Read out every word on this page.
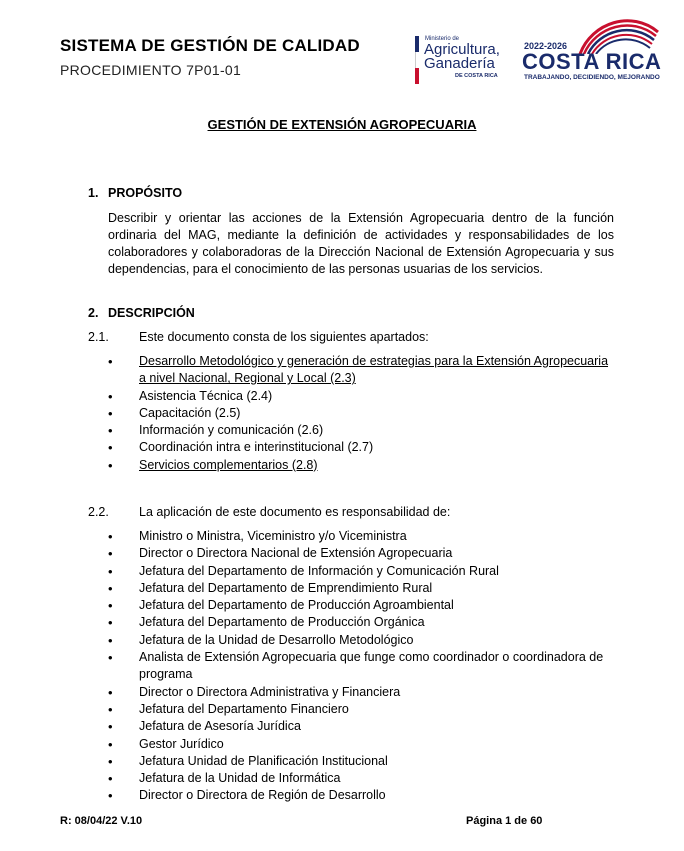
SISTEMA DE GESTIÓN DE CALIDAD
PROCEDIMIENTO 7P01-01
Ministerio de
Agricultura,
Ganadería
DE COSTA RICA
2022-2026
COSTA RICA
TRABAJANDO, DECIDIENDO, MEJORANDO
GESTIÓN DE EXTENSIÓN AGROPECUARIA
1. PROPÓSITO
Describir y orientar las acciones de la Extensión Agropecuaria dentro de la función ordinaria del MAG, mediante la definición de actividades y responsabilidades de los colaboradores y colaboradoras de la Dirección Nacional de Extensión Agropecuaria y sus dependencias, para el conocimiento de las personas usuarias de los servicios.
2. DESCRIPCIÓN
2.1. Este documento consta de los siguientes apartados:
• Desarrollo Metodológico y generación de estrategias para la Extensión Agropecuaria a nivel Nacional, Regional y Local (2.3)
• Asistencia Técnica (2.4)
• Capacitación (2.5)
• Información y comunicación (2.6)
• Coordinación intra e interinstitucional (2.7)
• Servicios complementarios (2.8)
2.2. La aplicación de este documento es responsabilidad de:
• Ministro o Ministra, Viceministro y/o Viceministra
• Director o Directora Nacional de Extensión Agropecuaria
• Jefatura del Departamento de Información y Comunicación Rural
• Jefatura del Departamento de Emprendimiento Rural
• Jefatura del Departamento de Producción Agroambiental
• Jefatura del Departamento de Producción Orgánica
• Jefatura de la Unidad de Desarrollo Metodológico
• Analista de Extensión Agropecuaria que funge como coordinador o coordinadora de programa
• Director o Directora Administrativa y Financiera
• Jefatura del Departamento Financiero
• Jefatura de Asesoría Jurídica
• Gestor Jurídico
• Jefatura Unidad de Planificación Institucional
• Jefatura de la Unidad de Informática
• Director o Directora de Región de Desarrollo
R: 08/04/22 V.10	Página 1 de 60
